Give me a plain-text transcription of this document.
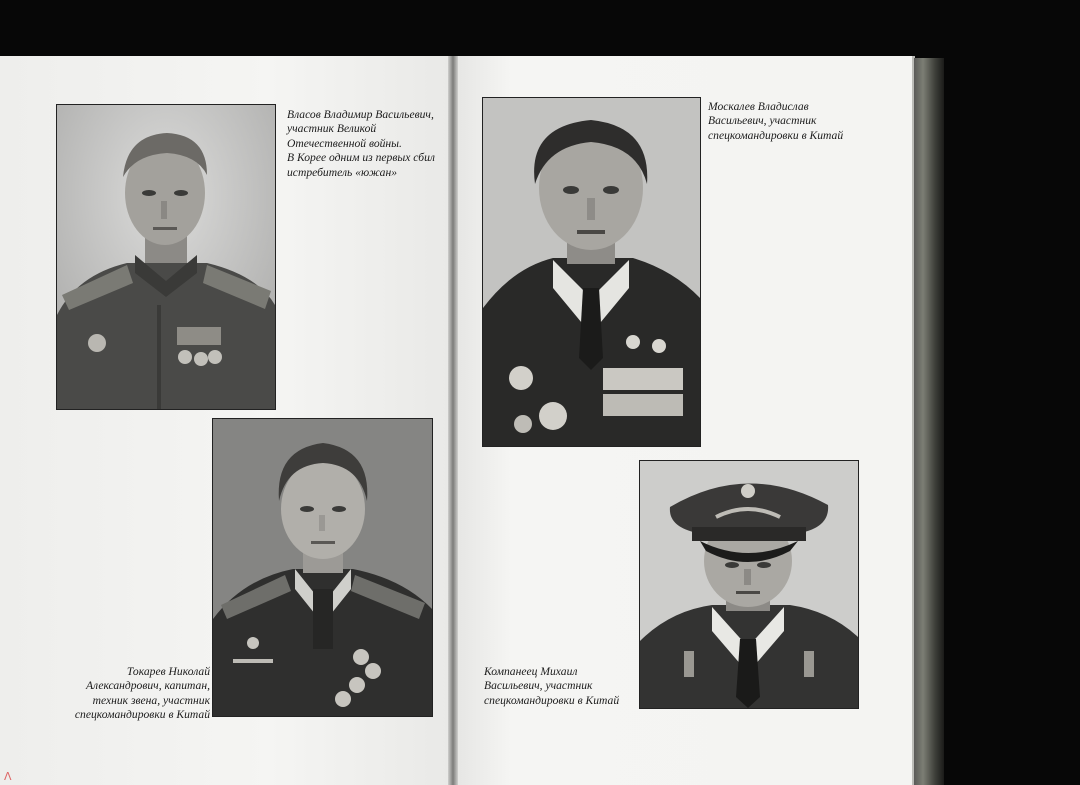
Власов Владимир Васильевич,
участник Великой
Отечественной войны.
В Корее одним из первых сбил
истребитель «южан»
Токарев Николай
Александрович, капитан,
техник звена, участник
спецкомандировки в Китай
Москалев Владислав
Васильевич, участник
спецкомандировки в Китай
Компанеец Михаил
Васильевич, участник
спецкомандировки в Китай
Λ
